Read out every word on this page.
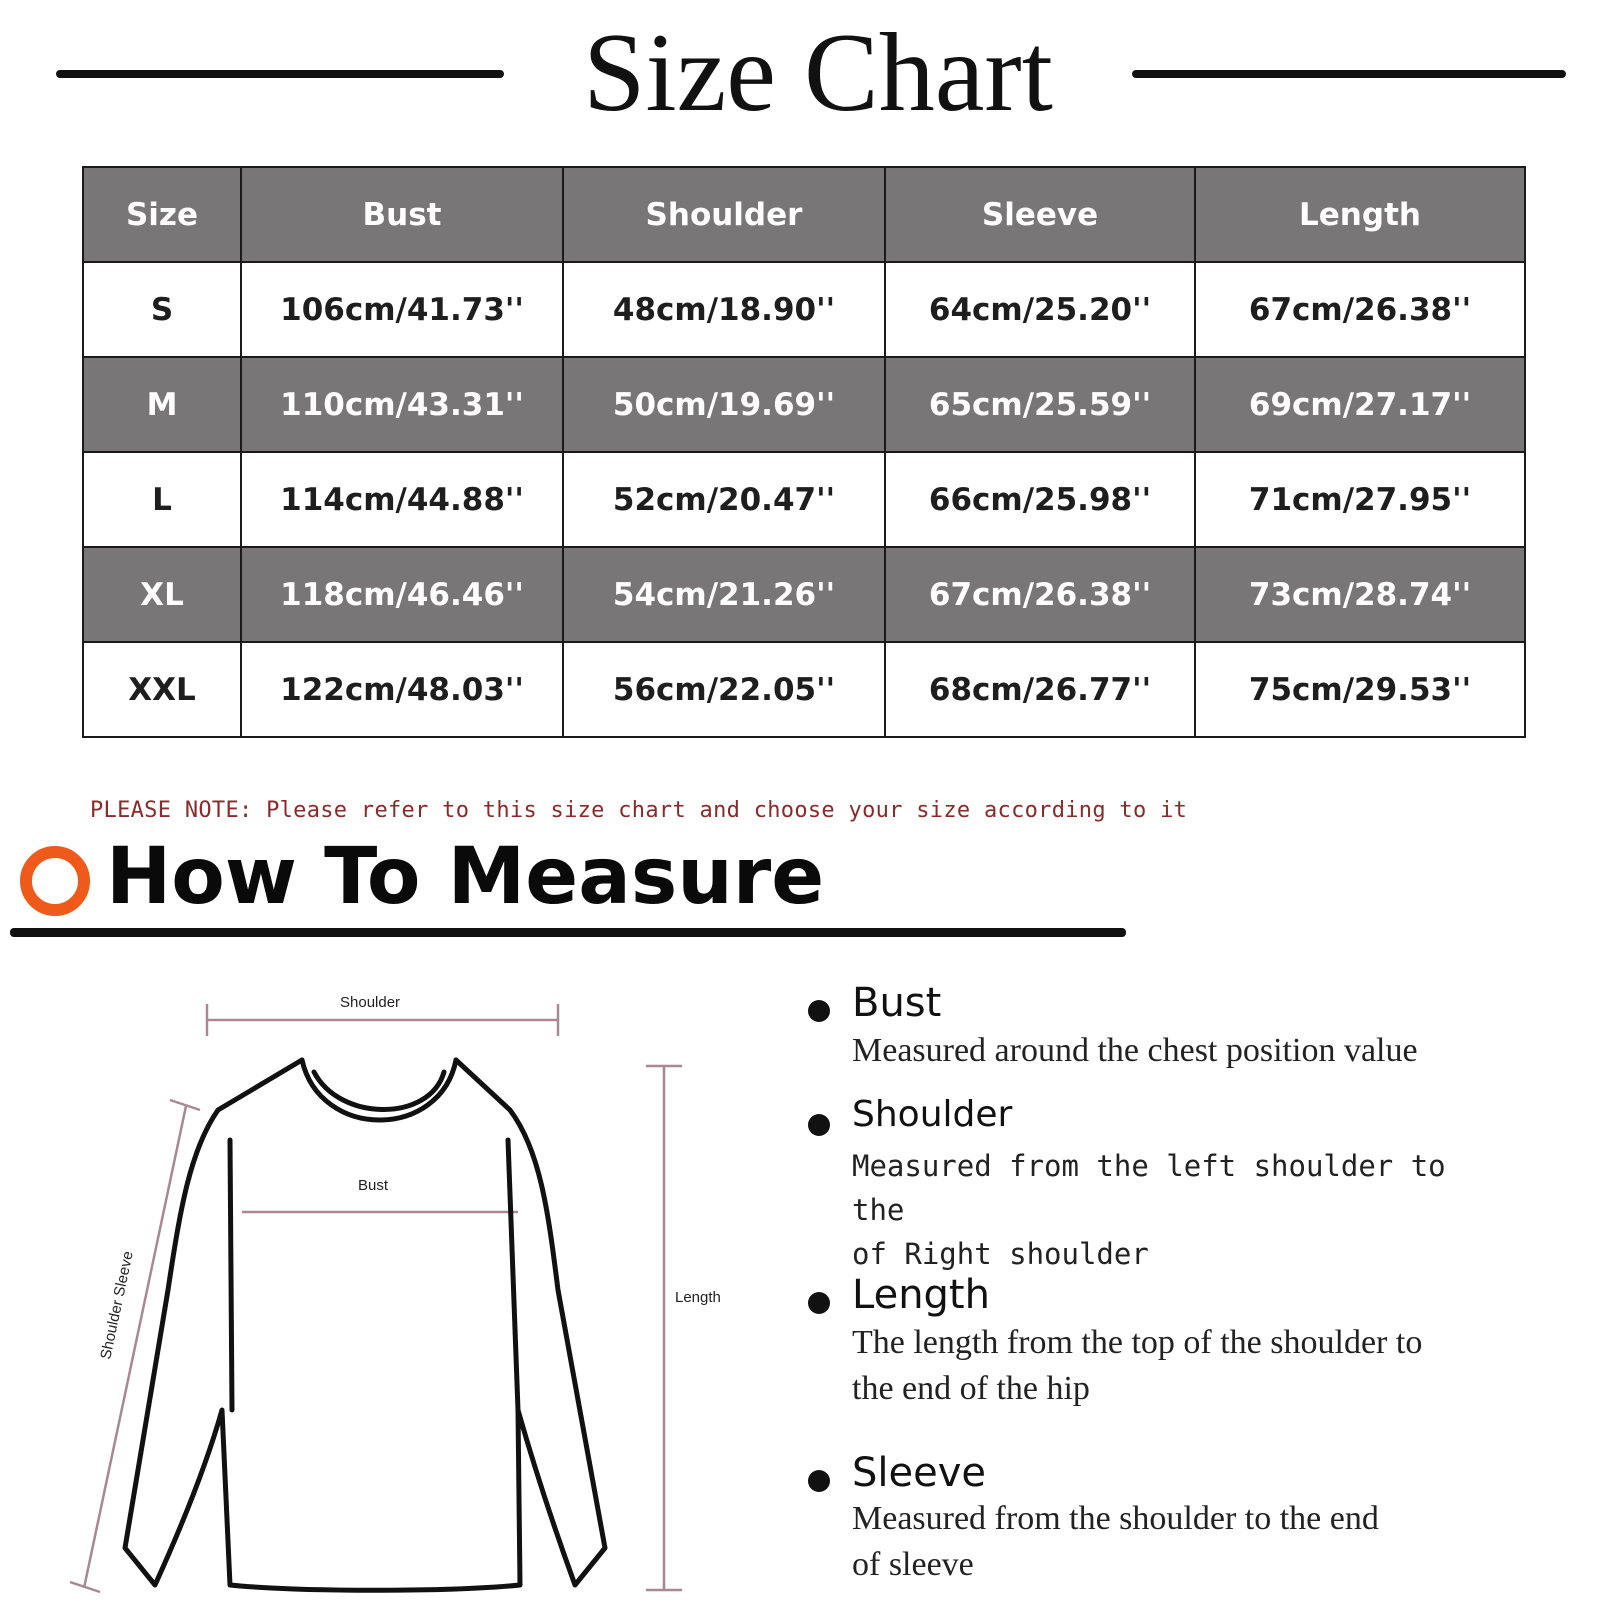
Size Chart
Size	Bust	Shoulder	Sleeve	Length
S	106cm/41.73''	48cm/18.90''	64cm/25.20''	67cm/26.38''
M	110cm/43.31''	50cm/19.69''	65cm/25.59''	69cm/27.17''
L	114cm/44.88''	52cm/20.47''	66cm/25.98''	71cm/27.95''
XL	118cm/46.46''	54cm/21.26''	67cm/26.38''	73cm/28.74''
XXL	122cm/48.03''	56cm/22.05''	68cm/26.77''	75cm/29.53''
PLEASE NOTE: Please refer to this size chart and choose your size according to it
How To Measure
Shoulder
Bust
Length
Shoulder Sleeve
Bust
Measured around the chest position value
Shoulder
Measured from the left shoulder to the
of Right shoulder
Length
The length from the top of the shoulder to
the end of the hip
Sleeve
Measured from the shoulder to the end
of sleeve
